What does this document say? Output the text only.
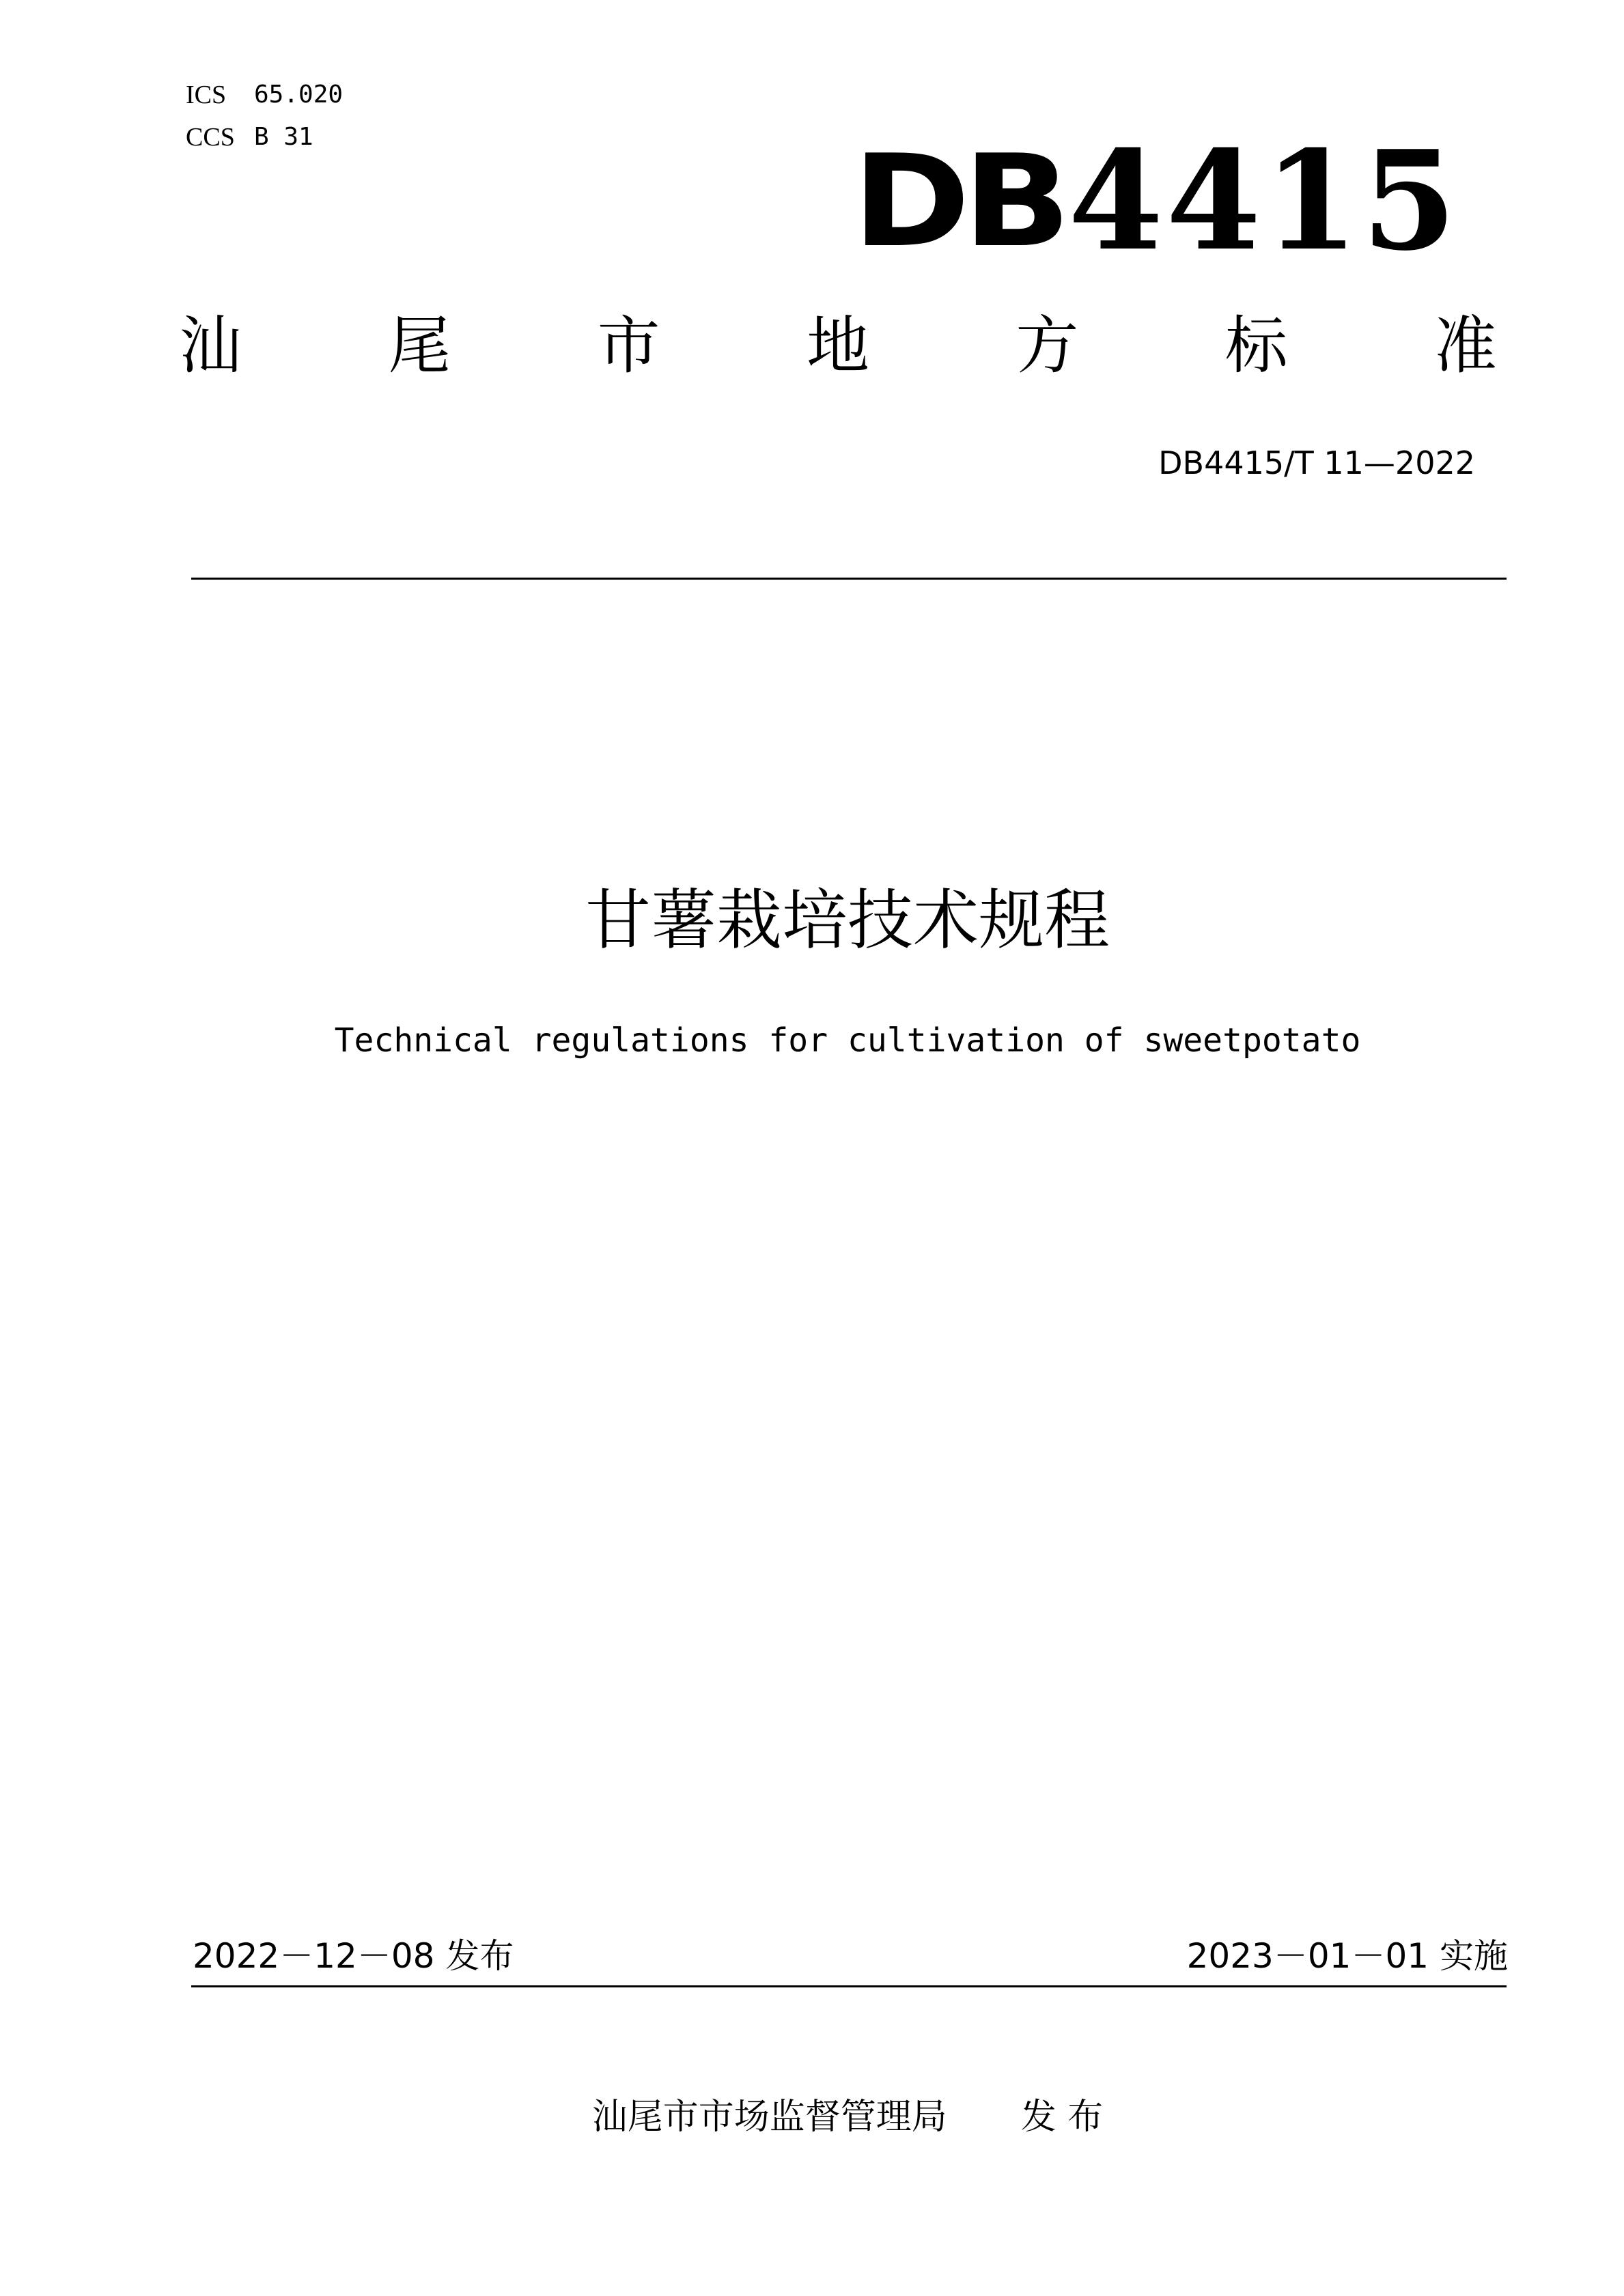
ICS	65.020
CCS B 31	DB 4415
汕 尾 市 地 方 标 准
DB4415/T 11—2022
甘薯栽培技术规程
Technical regulations for cultivation of sweetpotato
2022－12－08 发布	2023－01－01 实施
汕尾市市场监督管理局 发 布
